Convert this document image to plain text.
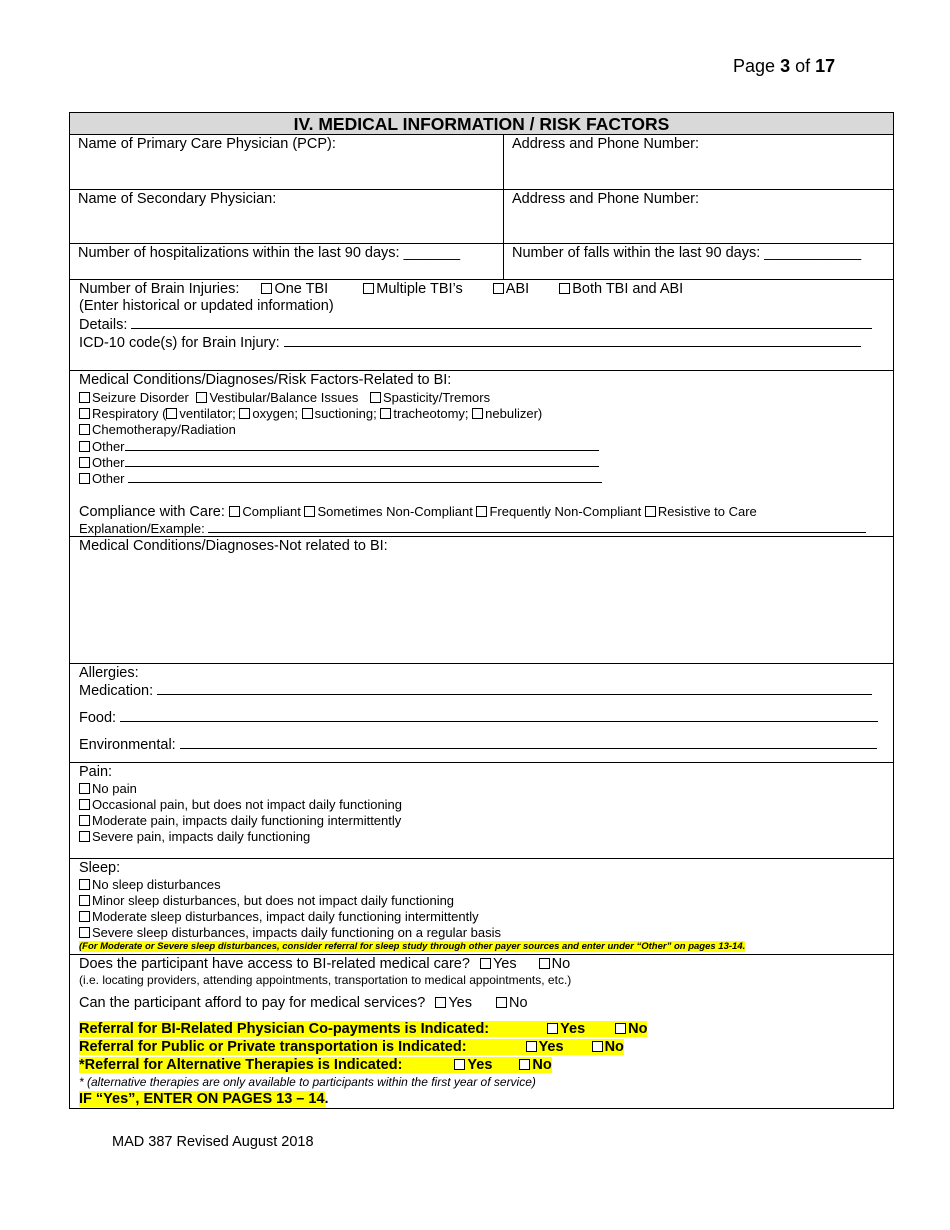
Page 3 of 17
IV. MEDICAL INFORMATION / RISK FACTORS
Name of Primary Care Physician (PCP):	Address and Phone Number:
Name of Secondary Physician:	Address and Phone Number:
Number of hospitalizations within the last 90 days: _______	Number of falls within the last 90 days: ____________
Number of Brain Injuries: One TBI	Multiple TBI’s	ABI	Both TBI and ABI
(Enter historical or updated information)
Details:
ICD-10 code(s) for Brain Injury:
Medical Conditions/Diagnoses/Risk Factors-Related to BI:
Seizure Disorder Vestibular/Balance Issues Spasticity/Tremors
Respiratory ( ventilator; oxygen; suctioning; tracheotomy; nebulizer)
Chemotherapy/Radiation
Other
Other
Other
Compliance with Care: Compliant Sometimes Non-Compliant Frequently Non-Compliant Resistive to Care
Explanation/Example:
Medical Conditions/Diagnoses-Not related to BI:
Allergies:
Medication:
Food:
Environmental:
Pain:
No pain
Occasional pain, but does not impact daily functioning
Moderate pain, impacts daily functioning intermittently
Severe pain, impacts daily functioning
Sleep:
No sleep disturbances
Minor sleep disturbances, but does not impact daily functioning
Moderate sleep disturbances, impact daily functioning intermittently
Severe sleep disturbances, impacts daily functioning on a regular basis
(For Moderate or Severe sleep disturbances, consider referral for sleep study through other payer sources and enter under “Other” on pages 13-14.
Does the participant have access to BI-related medical care? Yes No
(i.e. locating providers, attending appointments, transportation to medical appointments, etc.)
Can the participant afford to pay for medical services? Yes	No
Referral for BI-Related Physician Co-payments is Indicated:	Yes	No
Referral for Public or Private transportation is Indicated:	Yes	No
*Referral for Alternative Therapies is Indicated:	Yes	No
* (alternative therapies are only available to participants within the first year of service)
IF “Yes”, ENTER ON PAGES 13 – 14.
MAD 387 Revised August 2018
